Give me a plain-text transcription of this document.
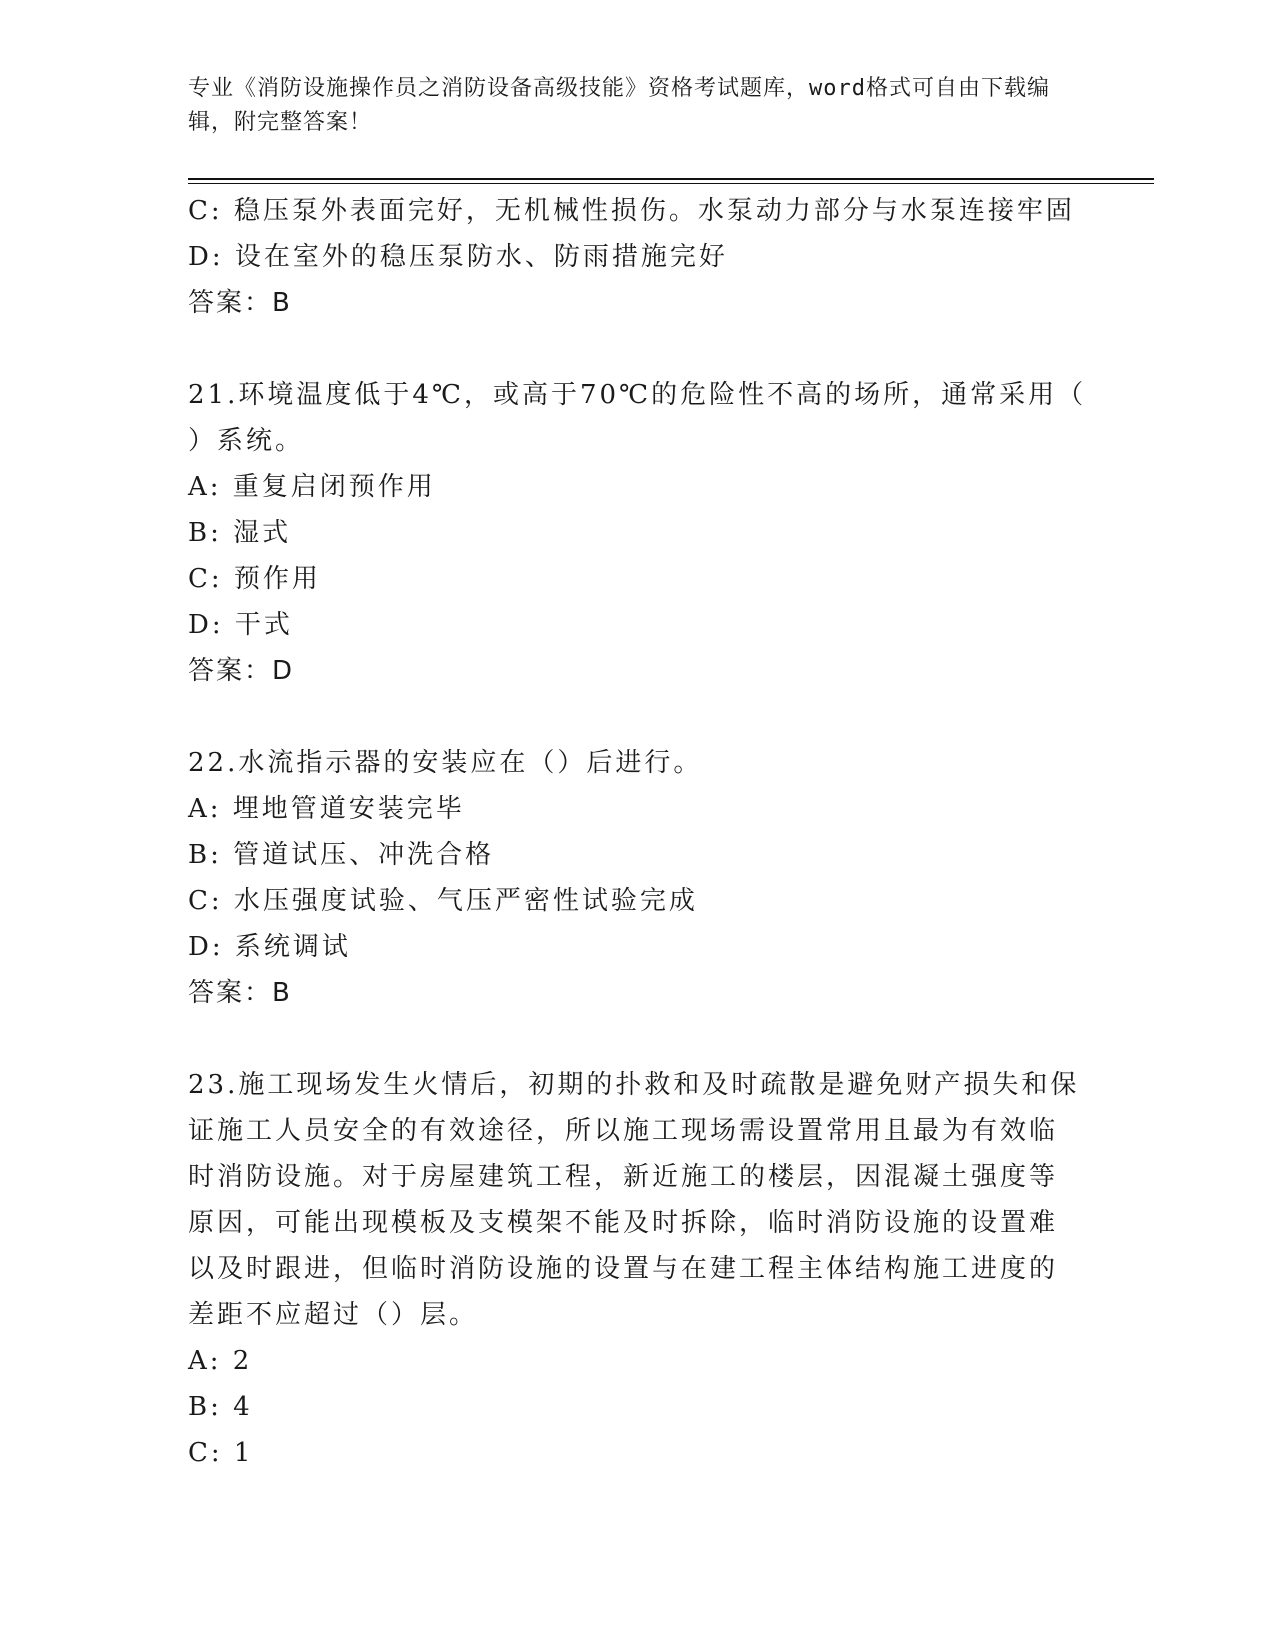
专业《消防设施操作员之消防设备高级技能》资格考试题库，word格式可自由下载编辑，附完整答案！
C: 稳压泵外表面完好，无机械性损伤。水泵动力部分与水泵连接牢固
D: 设在室外的稳压泵防水、防雨措施完好
答案：B
21.环境温度低于4℃，或高于70℃的危险性不高的场所，通常采用（
）系统。
A: 重复启闭预作用
B: 湿式
C: 预作用
D: 干式
答案：D
22.水流指示器的安装应在（）后进行。
A: 埋地管道安装完毕
B: 管道试压、冲洗合格
C: 水压强度试验、气压严密性试验完成
D: 系统调试
答案：B
23.施工现场发生火情后，初期的扑救和及时疏散是避免财产损失和保
证施工人员安全的有效途径，所以施工现场需设置常用且最为有效临
时消防设施。对于房屋建筑工程，新近施工的楼层，因混凝土强度等
原因，可能出现模板及支模架不能及时拆除，临时消防设施的设置难
以及时跟进，但临时消防设施的设置与在建工程主体结构施工进度的
差距不应超过（）层。
A: 2
B: 4
C: 1
